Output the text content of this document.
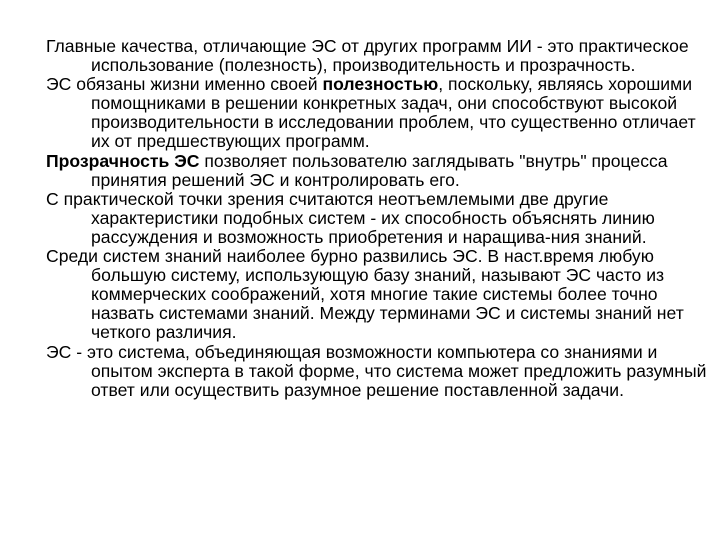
Главные качества, отличающие ЭС от других программ ИИ - это практическое использование (полезность), производительность и прозрачность.

ЭС обязаны жизни именно своей полезностью, поскольку, являясь хорошими помощниками в решении конкретных задач, они способствуют высокой производительности в исследовании проблем, что существенно отличает их от предшествующих программ.

Прозрачность ЭС позволяет пользователю заглядывать "внутрь" процесса принятия решений ЭС и контролировать его.

С практической точки зрения считаются неотъемлемыми две другие характеристики подобных систем - их способность объяснять линию рассуждения и возможность приобретения и наращива-ния знаний.

Среди систем знаний наиболее бурно развились ЭС. В наст.время любую большую систему, использующую базу знаний, называют ЭС часто из коммерческих соображений, хотя многие такие системы более точно назвать системами знаний. Между терминами ЭС и системы знаний нет четкого различия.

ЭС - это система, объединяющая возможности компьютера со знаниями и опытом эксперта в такой форме, что система может предложить разумный ответ или осуществить разумное решение поставленной задачи.
